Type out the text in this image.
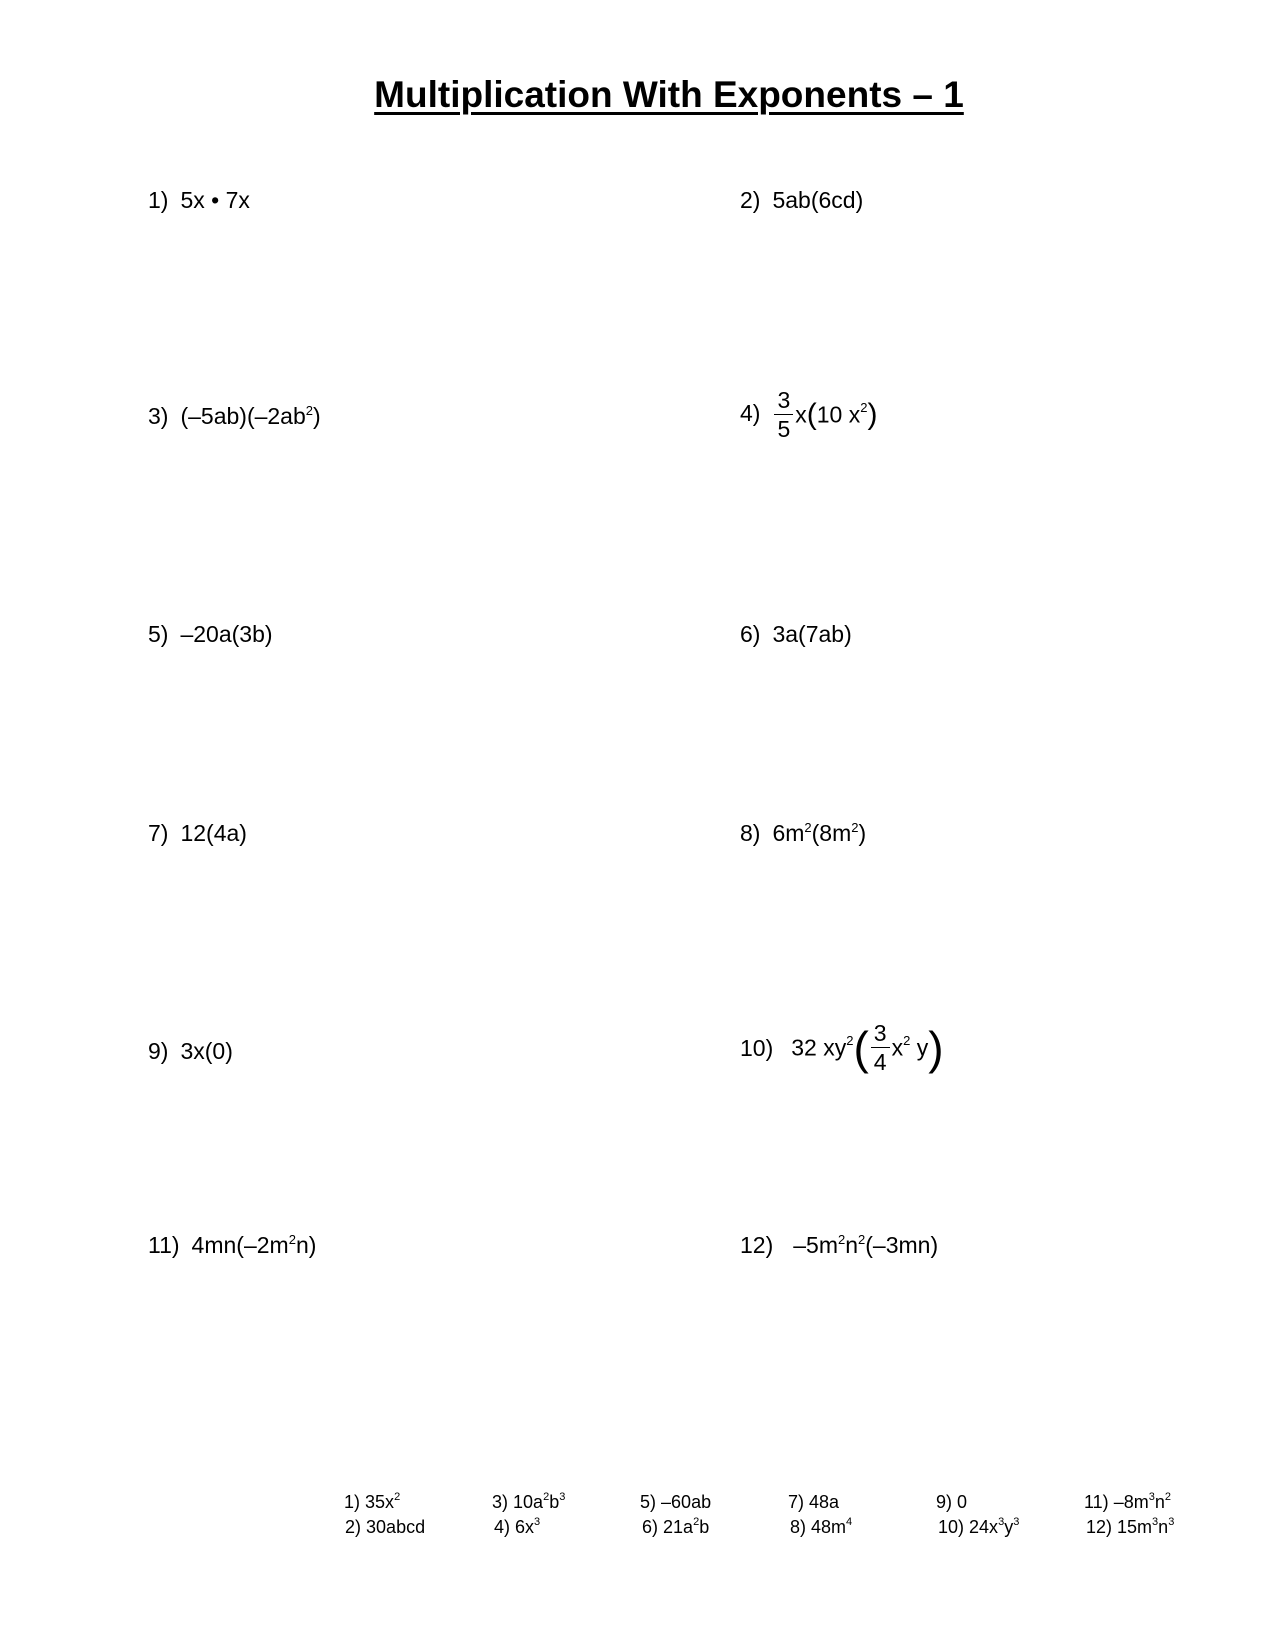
Multiplication With Exponents – 1
1) 5x • 7x	2) 5ab(6cd)
3) $(-5ab)(-2ab^2)$	$4) \frac{3}{5} x(10$ $x^2$)
5) –20a(3b)	6) 3a(7ab)
7) 12(4a)	8) $6m^2(8m^2)$
9) 3x(0)	10) 32 $xy^2( \frac{3}{4} x^2$ y)
11) $4mn(-2m^2n)$	12) $-5m^2n^2(-3mn)$
1) $35x^2$
2) 30abcd
3) $10a^2b^3$
4) $6x^3$
5) –60ab
6) $21a^2b$
7) 48a
8) $48m^4$
9) 0
10) $24x^3y^3$
11) $-8m^3n^2$
12) $15m^3n^3$
